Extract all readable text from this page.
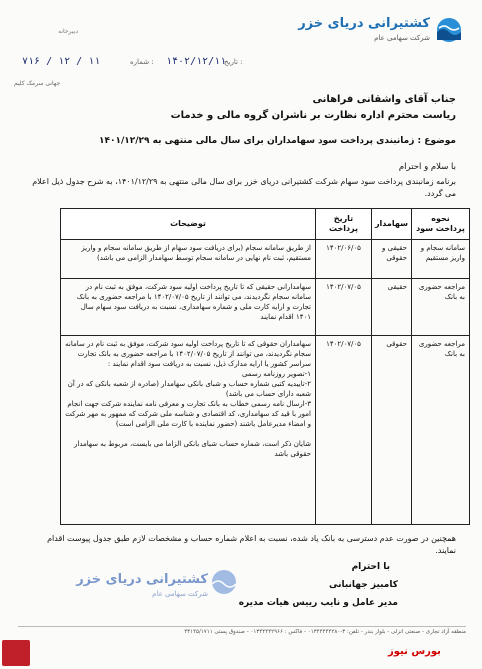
کشتیرانی دریای خزر
شرکت سهامی عام
دبیرخانه
تاریخ :
۱۴۰۲/۱۲/۱۱
شماره :
۷۱۶ / ۱۲ / ۱۱
جهانی سرمک کلیم
جناب آقای واشقانی فراهانی
ریاست محترم اداره نظارت بر ناشران گروه مالی و خدمات
موضوع : زمانبندی پرداخت سود سهامداران برای سال مالی منتهی به ۱۴۰۱/۱۲/۲۹
با سلام و احترام
برنامه زمانبندی پرداخت سود سهام شرکت کشتیرانی دریای خزر برای سال مالی منتهی به ۱۴۰۱/۱۲/۲۹، به شرح جدول ذیل اعلام می گردد.
نحوه پرداخت سود
سهامدار
تاریخ پرداخت
توضیحات
سامانه سجام و واریز مستقیم
حقیقی و حقوقی
۱۴۰۲/۰۶/۰۵
از طریق سامانه سجام (برای دریافت سود سهام از طریق سامانه سجام و واریز مستقیم، ثبت نام نهایی در سامانه سجام توسط سهامدار الزامی می باشد)
مراجعه حضوری به بانک
حقیقی
۱۴۰۲/۰۷/۰۵
سهامدارانی حقیقی که تا تاریخ پرداخت اولیه سود شرکت، موفق به ثبت نام در سامانه سجام نگردیدند، می توانند از تاریخ ۱۴۰۲/۰۷/۰۵ با مراجعه حضوری به بانک تجارت و ارایه کارت ملی و شماره سهامداری، نسبت به دریافت سود سهام سال ۱۴۰۱ اقدام نمایند
مراجعه حضوری به بانک
حقوقی
۱۴۰۲/۰۷/۰۵
سهامداران حقوقی که تا تاریخ پرداخت اولیه سود شرکت، موفق به ثبت نام در سامانه سجام نگردیدند، می توانند از تاریخ ۱۴۰۲/۰۷/۰۵ با مراجعه حضوری به بانک تجارت سراسر کشور یا ارایه مدارک ذیل، نسبت به دریافت سود اقدام نمایند :
۱-تصویر روزنامه رسمی
۲-تاییدیه کتبی شماره حساب و شبای بانکی سهامدار (صادره از شعبه بانکی که در آن شعبه دارای حساب می باشد)
۳-ارسال نامه رسمی خطاب به بانک تجارت و معرفی نامه نماینده شرکت جهت انجام امور با قید کد سهامداری، کد اقتصادی و شناسه ملی شرکت که ممهور به مهر شرکت و امضاء مدیرعامل باشند (حضور نماینده با کارت ملی الزامی است)
شایان ذکر است، شماره حساب شبای بانکی الزاما می بایست، مربوط به سهامدار حقوقی باشد
همچنین در صورت عدم دسترسی به بانک یاد شده، نسبت به اعلام شماره حساب و مشخصات لازم طبق جدول پیوست اقدام نمایند.
با احترام
کشتیرانی دریای خزر
شرکت سهامی عام
کامبیز جهانبانی
مدیر عامل و نایب رییس هیات مدیره
منطقه آزاد تجاری - صنعتی انزلی - بلوار بندر - تلفن: ۳-۰۱۳۴۴۴۴۴۲۸۰ - فاکس : ۰۱۳۴۴۴۴۲۹۶۶ - صندوق پستی ۴۳۱۴۵/۱۷۱۱
بورس نیوز
